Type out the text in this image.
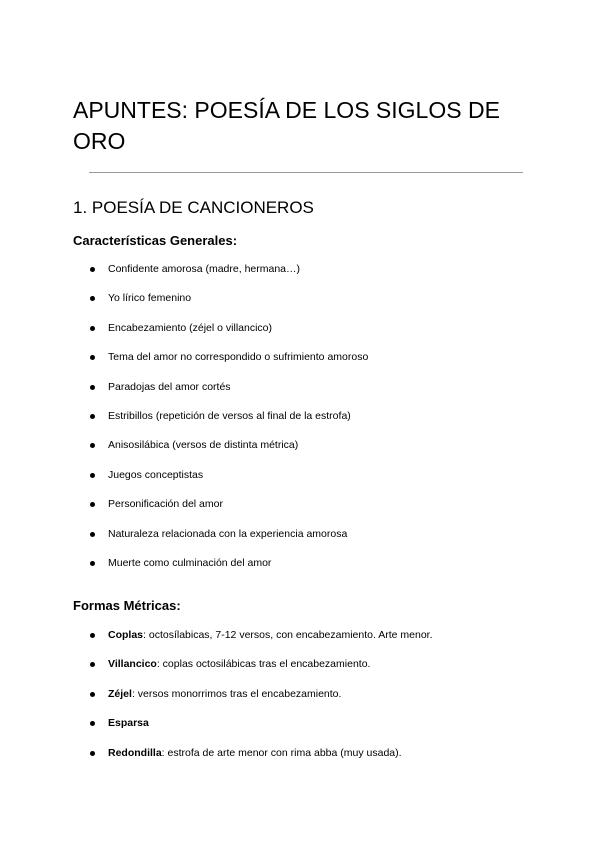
APUNTES: POESÍA DE LOS SIGLOS DE ORO
1. POESÍA DE CANCIONEROS
Características Generales:
Confidente amorosa (madre, hermana…)
Yo lírico femenino
Encabezamiento (zéjel o villancico)
Tema del amor no correspondido o sufrimiento amoroso
Paradojas del amor cortés
Estribillos (repetición de versos al final de la estrofa)
Anisosilábica (versos de distinta métrica)
Juegos conceptistas
Personificación del amor
Naturaleza relacionada con la experiencia amorosa
Muerte como culminación del amor
Formas Métricas:
Coplas: octosílabicas, 7-12 versos, con encabezamiento. Arte menor.
Villancico: coplas octosilábicas tras el encabezamiento.
Zéjel: versos monorrimos tras el encabezamiento.
Esparsa
Redondilla: estrofa de arte menor con rima abba (muy usada).
